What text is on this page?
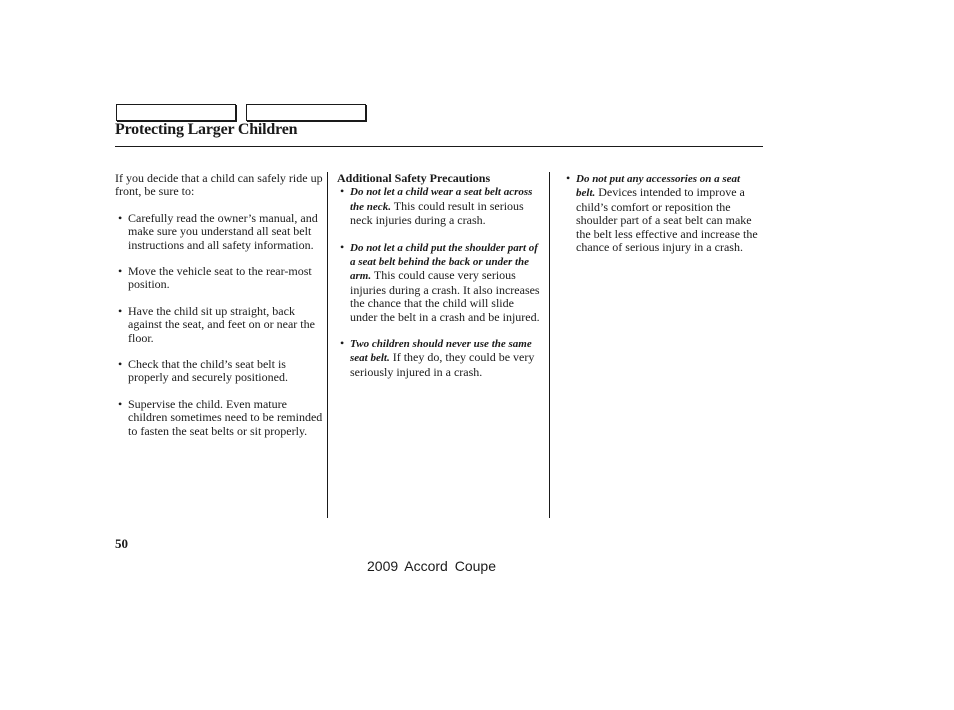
Protecting Larger Children

If you decide that a child can safely ride up front, be sure to:

• Carefully read the owner’s manual, and make sure you understand all seat belt instructions and all safety information.
• Move the vehicle seat to the rear-most position.
• Have the child sit up straight, back against the seat, and feet on or near the floor.
• Check that the child’s seat belt is properly and securely positioned.
• Supervise the child. Even mature children sometimes need to be reminded to fasten the seat belts or sit properly.

Additional Safety Precautions

• Do not let a child wear a seat belt across the neck. This could result in serious neck injuries during a crash.
• Do not let a child put the shoulder part of a seat belt behind the back or under the arm. This could cause very serious injuries during a crash. It also increases the chance that the child will slide under the belt in a crash and be injured.
• Two children should never use the same seat belt. If they do, they could be very seriously injured in a crash.
• Do not put any accessories on a seat belt. Devices intended to improve a child’s comfort or reposition the shoulder part of a seat belt can make the belt less effective and increase the chance of serious injury in a crash.
50
2009 Accord Coupe
